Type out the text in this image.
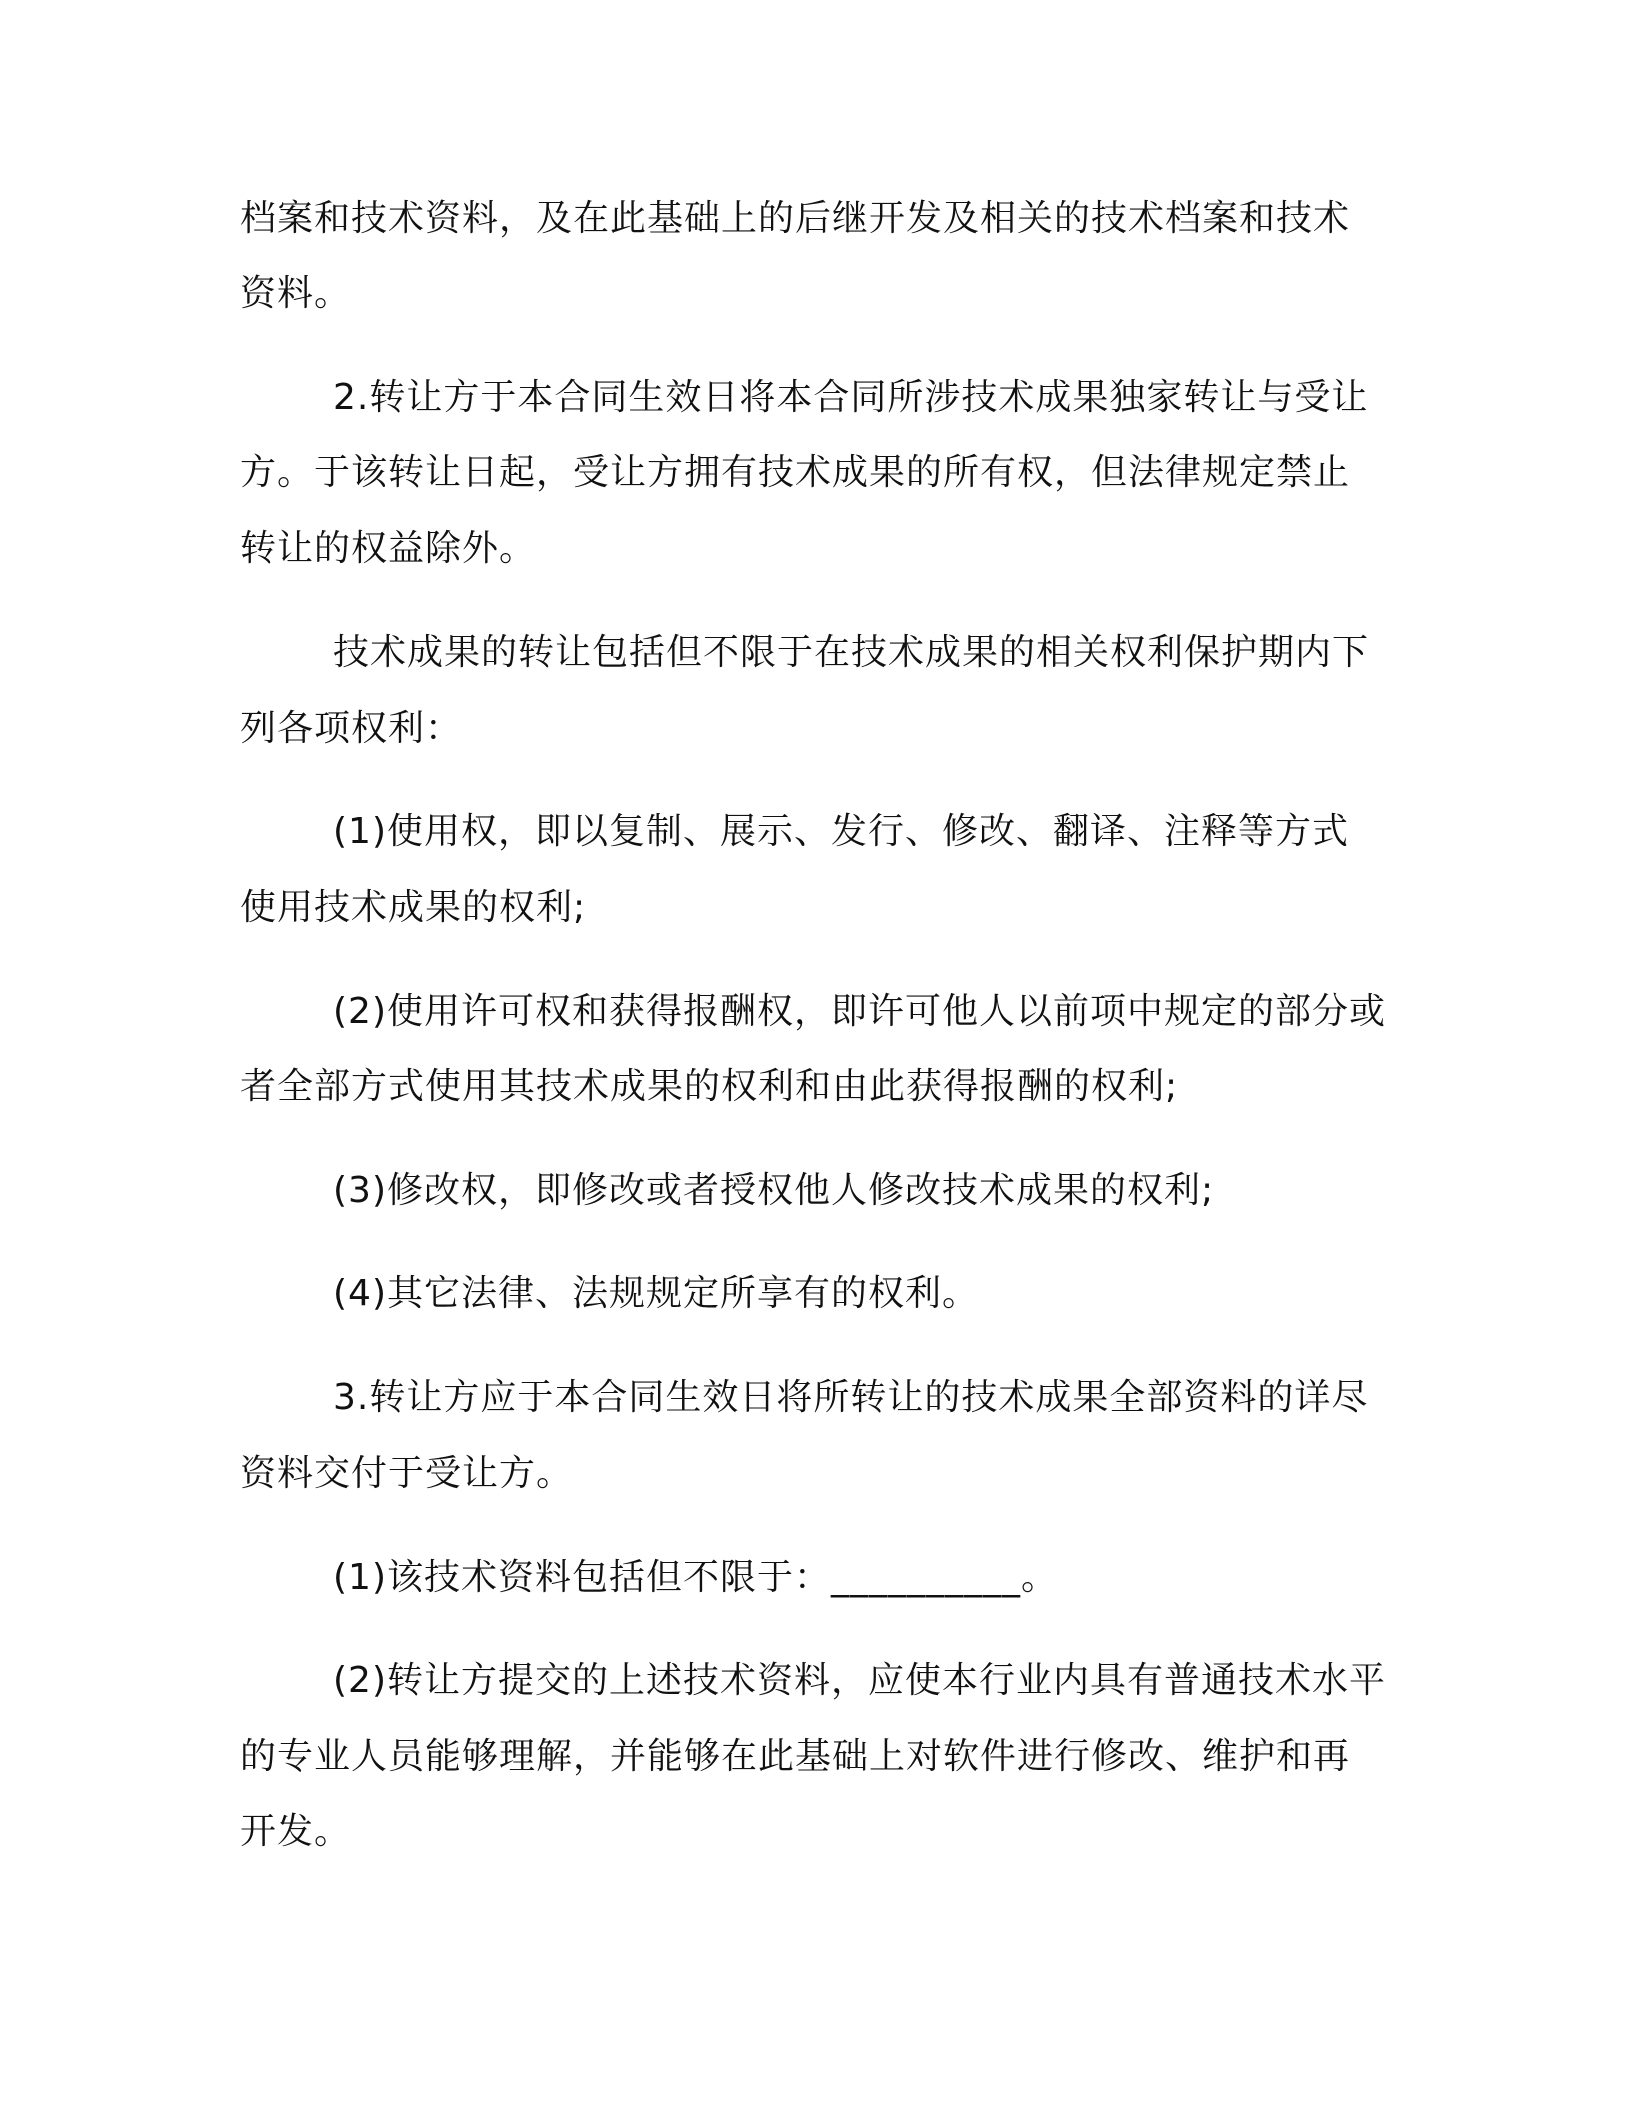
档案和技术资料，及在此基础上的后继开发及相关的技术档案和技术
资料。
2.转让方于本合同生效日将本合同所涉技术成果独家转让与受让
方。于该转让日起，受让方拥有技术成果的所有权，但法律规定禁止
转让的权益除外。
技术成果的转让包括但不限于在技术成果的相关权利保护期内下
列各项权利：
(1)使用权，即以复制、展示、发行、修改、翻译、注释等方式
使用技术成果的权利;
(2)使用许可权和获得报酬权，即许可他人以前项中规定的部分或
者全部方式使用其技术成果的权利和由此获得报酬的权利;
(3)修改权，即修改或者授权他人修改技术成果的权利;
(4)其它法律、法规规定所享有的权利。
3.转让方应于本合同生效日将所转让的技术成果全部资料的详尽
资料交付于受让方。
(1)该技术资料包括但不限于：__________。
(2)转让方提交的上述技术资料，应使本行业内具有普通技术水平
的专业人员能够理解，并能够在此基础上对软件进行修改、维护和再
开发。
